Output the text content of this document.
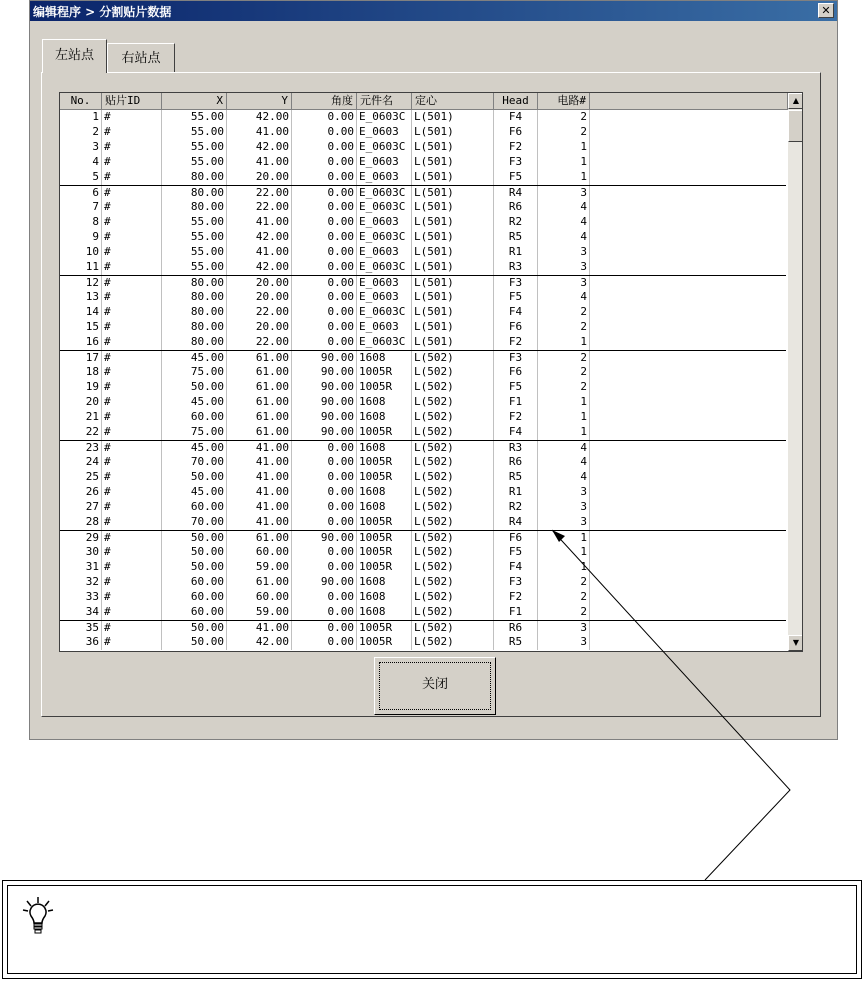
编辑程序 > 分割贴片数据	✕
左站点	右站点
No.	贴片ID	X	Y	角度 元件名	定心	Head	电路#
1 #	55.00	42.00	0.00 E_0603C L(501)	F4	2
2 #	55.00	41.00	0.00 E_0603	L(501)	F6	2
3 #	55.00	42.00	0.00 E_0603C L(501)	F2	1
4 #	55.00	41.00	0.00 E_0603	L(501)	F3	1
5 #	80.00	20.00	0.00 E_0603	L(501)	F5	1
6 #	80.00	22.00	0.00 E_0603C L(501)	R4	3
7 #	80.00	22.00	0.00 E_0603C L(501)	R6	4
8 #	55.00	41.00	0.00 E_0603	L(501)	R2	4
9 #	55.00	42.00	0.00 E_0603C L(501)	R5	4
10 #	55.00	41.00	0.00 E_0603	L(501)	R1	3
11 #	55.00	42.00	0.00 E_0603C L(501)	R3	3
12 #	80.00	20.00	0.00 E_0603	L(501)	F3	3
13 #	80.00	20.00	0.00 E_0603	L(501)	F5	4
14 #	80.00	22.00	0.00 E_0603C L(501)	F4	2
15 #	80.00	20.00	0.00 E_0603	L(501)	F6	2
16 #	80.00	22.00	0.00 E_0603C L(501)	F2	1
17 #	45.00	61.00	90.00 1608	L(502)	F3	2
18 #	75.00	61.00	90.00 1005R	L(502)	F6	2
19 #	50.00	61.00	90.00 1005R	L(502)	F5	2
20 #	45.00	61.00	90.00 1608	L(502)	F1	1
21 #	60.00	61.00	90.00 1608	L(502)	F2	1
22 #	75.00	61.00	90.00 1005R	L(502)	F4	1
23 #	45.00	41.00	0.00 1608	L(502)	R3	4
24 #	70.00	41.00	0.00 1005R	L(502)	R6	4
25 #	50.00	41.00	0.00 1005R	L(502)	R5	4
26 #	45.00	41.00	0.00 1608	L(502)	R1	3
27 #	60.00	41.00	0.00 1608	L(502)	R2	3
28 #	70.00	41.00	0.00 1005R	L(502)	R4	3
29 #	50.00	61.00	90.00 1005R	L(502)	F6	1
30 #	50.00	60.00	0.00 1005R	L(502)	F5	1
31 #	50.00	59.00	0.00 1005R	L(502)	F4	1
32 #	60.00	61.00	90.00 1608	L(502)	F3	2
33 #	60.00	60.00	0.00 1608	L(502)	F2	2
34 #	60.00	59.00	0.00 1608	L(502)	F1	2
35 #	50.00	41.00	0.00 1005R	L(502)	R6	3
36 #	50.00	42.00	0.00 1005R	L(502)	R5	3
▲
▼
关闭
